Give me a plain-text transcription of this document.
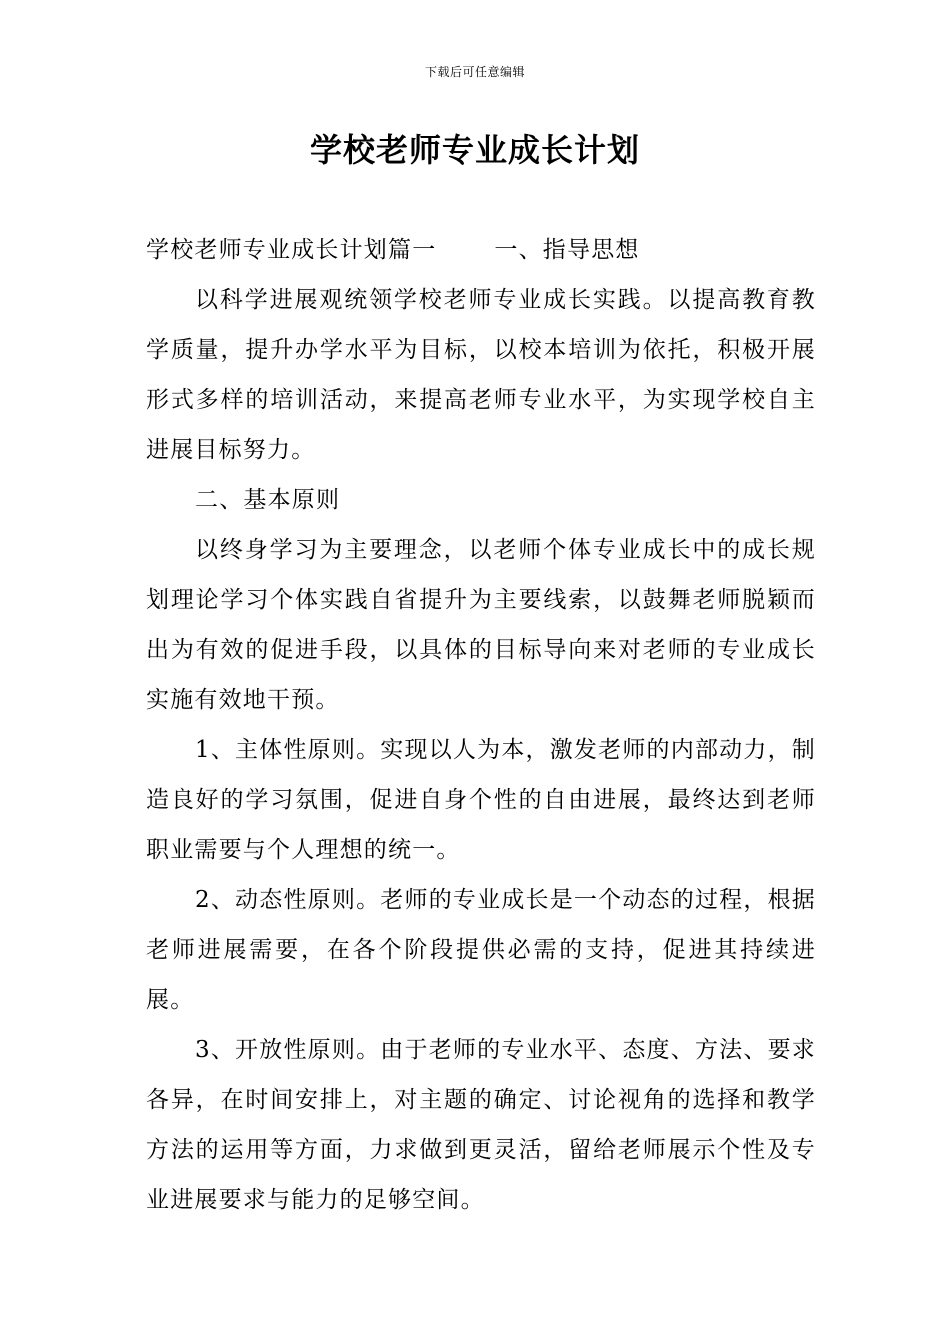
下载后可任意编辑
学校老师专业成长计划

学校老师专业成长计划篇一	一、指导思想

以科学进展观统领学校老师专业成长实践。以提高教育教学质量，提升办学水平为目标，以校本培训为依托，积极开展形式多样的培训活动，来提高老师专业水平，为实现学校自主进展目标努力。

二、基本原则

以终身学习为主要理念，以老师个体专业成长中的成长规划理论学习个体实践自省提升为主要线索，以鼓舞老师脱颖而出为有效的促进手段，以具体的目标导向来对老师的专业成长实施有效地干预。

1、主体性原则。实现以人为本，激发老师的内部动力，制造良好的学习氛围，促进自身个性的自由进展，最终达到老师职业需要与个人理想的统一。

2、动态性原则。老师的专业成长是一个动态的过程，根据老师进展需要，在各个阶段提供必需的支持，促进其持续进展。

3、开放性原则。由于老师的专业水平、态度、方法、要求各异，在时间安排上，对主题的确定、讨论视角的选择和教学方法的运用等方面，力求做到更灵活，留给老师展示个性及专业进展要求与能力的足够空间。
